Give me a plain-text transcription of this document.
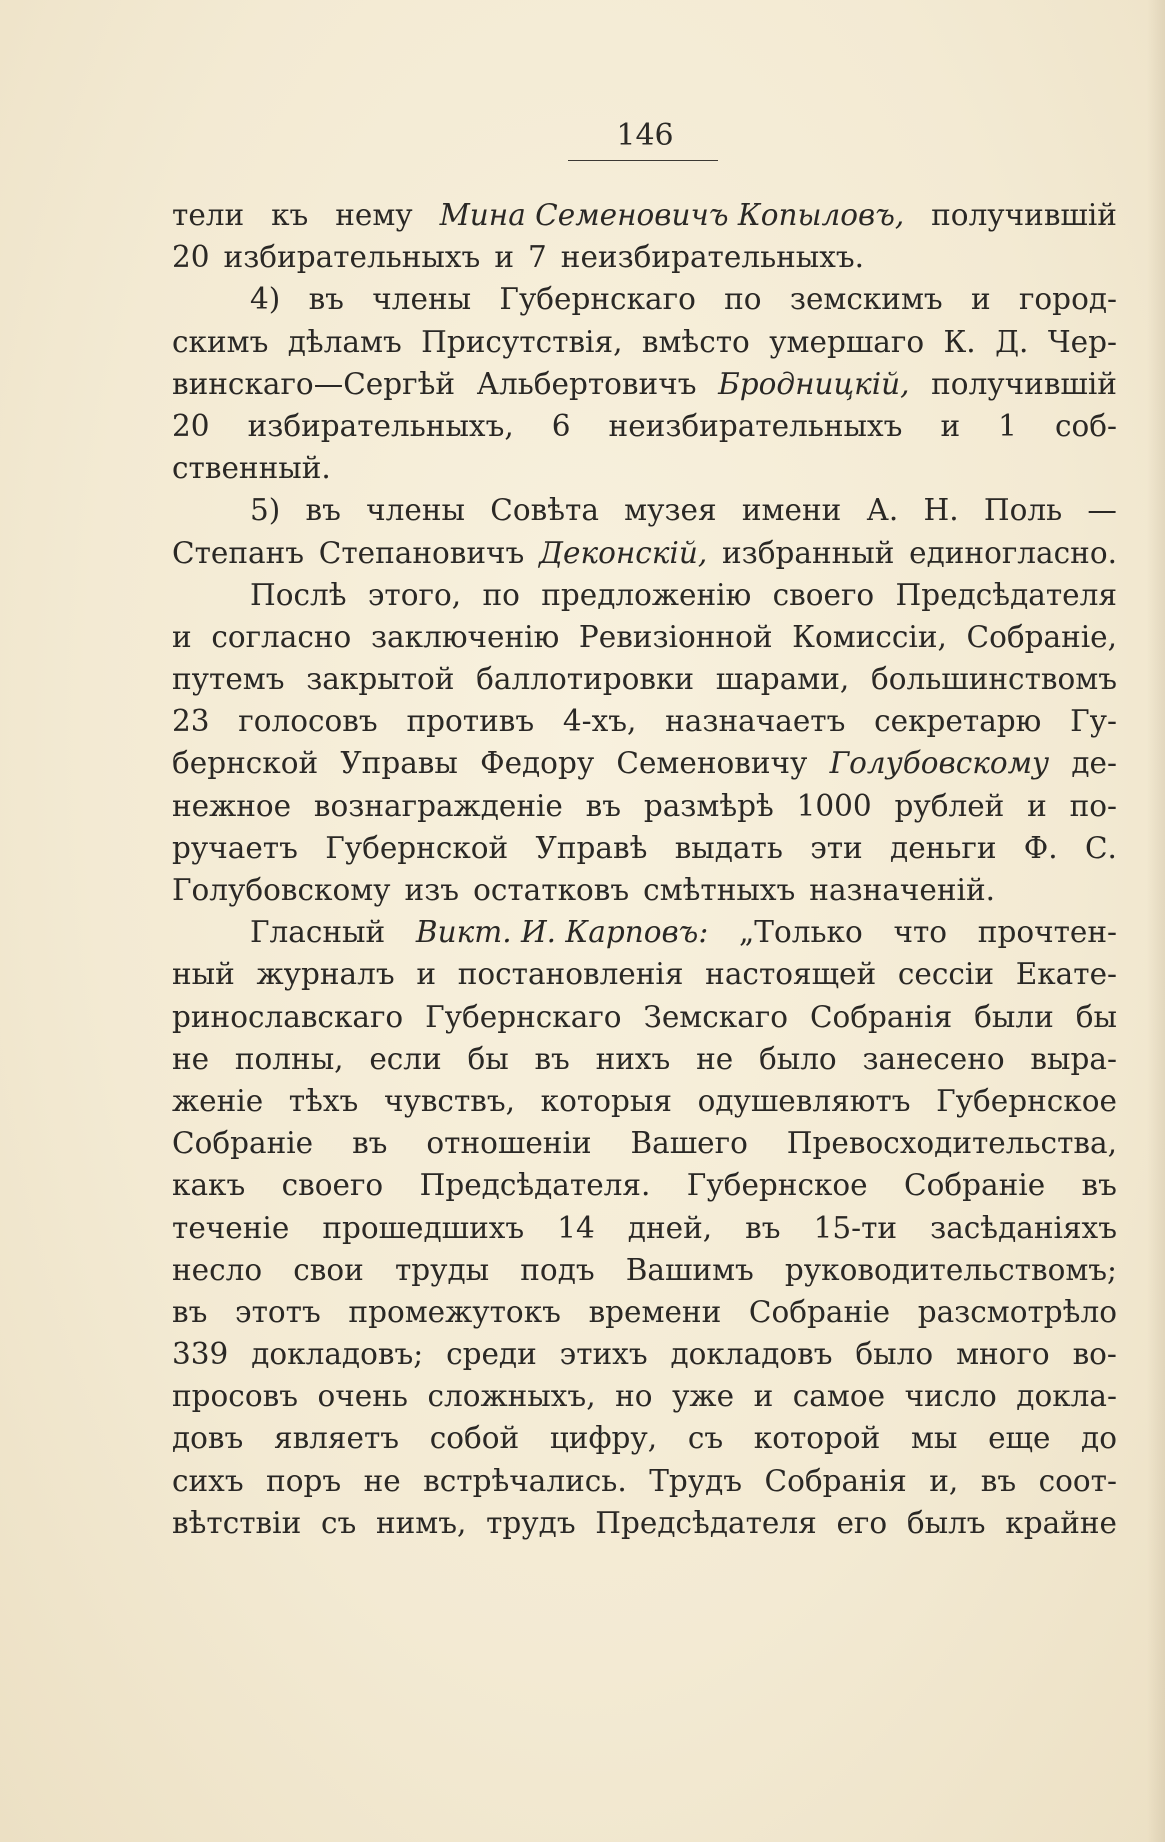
146
тели къ нему Мина Семеновичъ Копыловъ, получившій
20 избирательныхъ и 7 неизбирательныхъ.
4) въ члены Губернскаго по земскимъ и город-
скимъ дѣламъ Присутствія, вмѣсто умершаго К. Д. Чер-
винскаго—Сергѣй Альбертовичъ Бродницкій, получившій
20 избирательныхъ, 6 неизбирательныхъ и 1 соб-
ственный.
5) въ члены Совѣта музея имени А. Н. Поль —
Степанъ Степановичъ Деконскій, избранный единогласно.
Послѣ этого, по предложенію своего Предсѣдателя
и согласно заключенію Ревизіонной Комиссіи, Собраніе,
путемъ закрытой баллотировки шарами, большинствомъ
23 голосовъ противъ 4-хъ, назначаетъ секретарю Гу-
бернской Управы Федору Семеновичу Голубовскому де-
нежное вознагражденіе въ размѣрѣ 1000 рублей и по-
ручаетъ Губернской Управѣ выдать эти деньги Ф. С.
Голубовскому изъ остатковъ смѣтныхъ назначеній.
Гласный Викт. И. Карповъ: „Только что прочтен-
ный журналъ и постановленія настоящей сессіи Екате-
ринославскаго Губернскаго Земскаго Собранія были бы
не полны, если бы въ нихъ не было занесено выра-
женіе тѣхъ чувствъ, которыя одушевляютъ Губернское
Собраніе въ отношеніи Вашего Превосходительства,
какъ своего Предсѣдателя. Губернское Собраніе въ
теченіе прошедшихъ 14 дней, въ 15-ти засѣданіяхъ
несло свои труды подъ Вашимъ руководительствомъ;
въ этотъ промежутокъ времени Собраніе разсмотрѣло
339 докладовъ; среди этихъ докладовъ было много во-
просовъ очень сложныхъ, но уже и самое число докла-
довъ являетъ собой цифру, съ которой мы еще до
сихъ поръ не встрѣчались. Трудъ Собранія и, въ соот-
вѣтствіи съ нимъ, трудъ Предсѣдателя его былъ крайне
